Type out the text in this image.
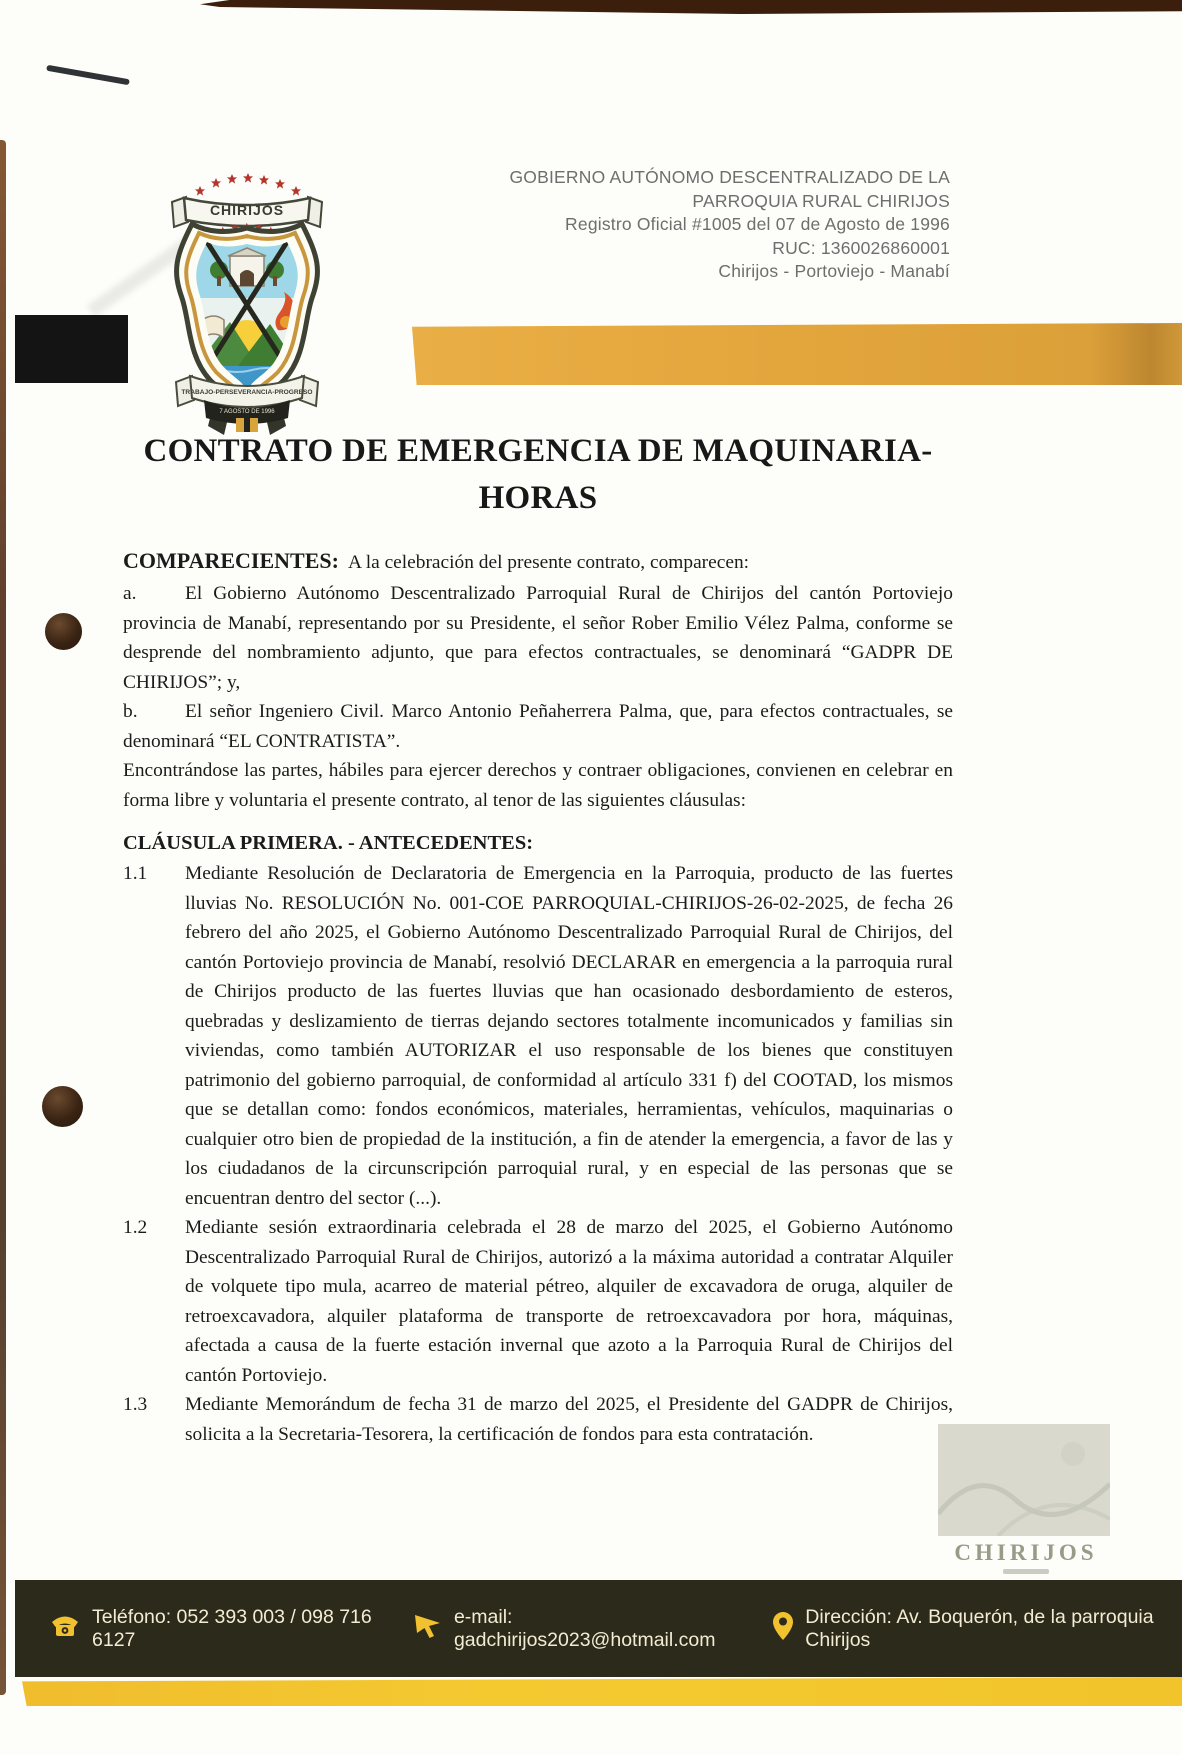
CHIRIJOS
TRABAJO-PERSEVERANCIA-PROGRESO
7 AGOSTO DE 1996
GOBIERNO AUTÓNOMO DESCENTRALIZADO DE LA
PARROQUIA RURAL CHIRIJOS
Registro Oficial #1005 del 07 de Agosto de 1996
RUC: 1360026860001
Chirijos - Portoviejo - Manabí
CONTRATO DE EMERGENCIA DE MAQUINARIA-
HORAS
CHIRIJOS

COMPARECIENTES: A la celebración del presente contrato, comparecen:

a.	El Gobierno Autónomo Descentralizado Parroquial Rural de Chirijos del cantón Portoviejo provincia de Manabí, representando por su Presidente, el señor Rober Emilio Vélez Palma, conforme se desprende del nombramiento adjunto, que para efectos contractuales, se denominará “GADPR DE CHIRIJOS”; y,

b. El señor Ingeniero Civil. Marco Antonio Peñaherrera Palma, que, para efectos contractuales, se denominará “EL CONTRATISTA”.

Encontrándose las partes, hábiles para ejercer derechos y contraer obligaciones, convienen en celebrar en forma libre y voluntaria el presente contrato, al tenor de las siguientes cláusulas:

CLÁUSULA PRIMERA. - ANTECEDENTES:

1.1 Mediante Resolución de Declaratoria de Emergencia en la Parroquia, producto de las fuertes lluvias No. RESOLUCIÓN No. 001-COE PARROQUIAL-CHIRIJOS-26-02-2025, de fecha 26 febrero del año 2025, el Gobierno Autónomo Descentralizado Parroquial Rural de Chirijos, del cantón Portoviejo provincia de Manabí, resolvió DECLARAR en emergencia a la parroquia rural de Chirijos producto de las fuertes lluvias que han ocasionado desbordamiento de esteros, quebradas y deslizamiento de tierras dejando sectores totalmente incomunicados y familias sin viviendas, como también AUTORIZAR el uso responsable de los bienes que constituyen patrimonio del gobierno parroquial, de conformidad al artículo 331 f) del COOTAD, los mismos que se detallan como: fondos económicos, materiales, herramientas, vehículos, maquinarias o cualquier otro bien de propiedad de la institución, a fin de atender la emergencia, a favor de las y los ciudadanos de la circunscripción parroquial rural, y en especial de las personas que se encuentran dentro del sector (...).
1.2 Mediante sesión extraordinaria celebrada el 28 de marzo del 2025, el Gobierno Autónomo Descentralizado Parroquial Rural de Chirijos, autorizó a la máxima autoridad a contratar Alquiler de volquete tipo mula, acarreo de material pétreo, alquiler de excavadora de oruga, alquiler de retroexcavadora, alquiler plataforma de transporte de retroexcavadora por hora, máquinas, afectada a causa de la fuerte estación invernal que azoto a la Parroquia Rural de Chirijos del cantón Portoviejo.
1.3 Mediante Memorándum de fecha 31 de marzo del 2025, el Presidente del GADPR de Chirijos, solicita a la Secretaria-Tesorera, la certificación de fondos para esta contratación.
Teléfono: 052 393 003 / 098 716 6127
e-mail: gadchirijos2023@hotmail.com
Dirección: Av. Boquerón, de la parroquia Chirijos
